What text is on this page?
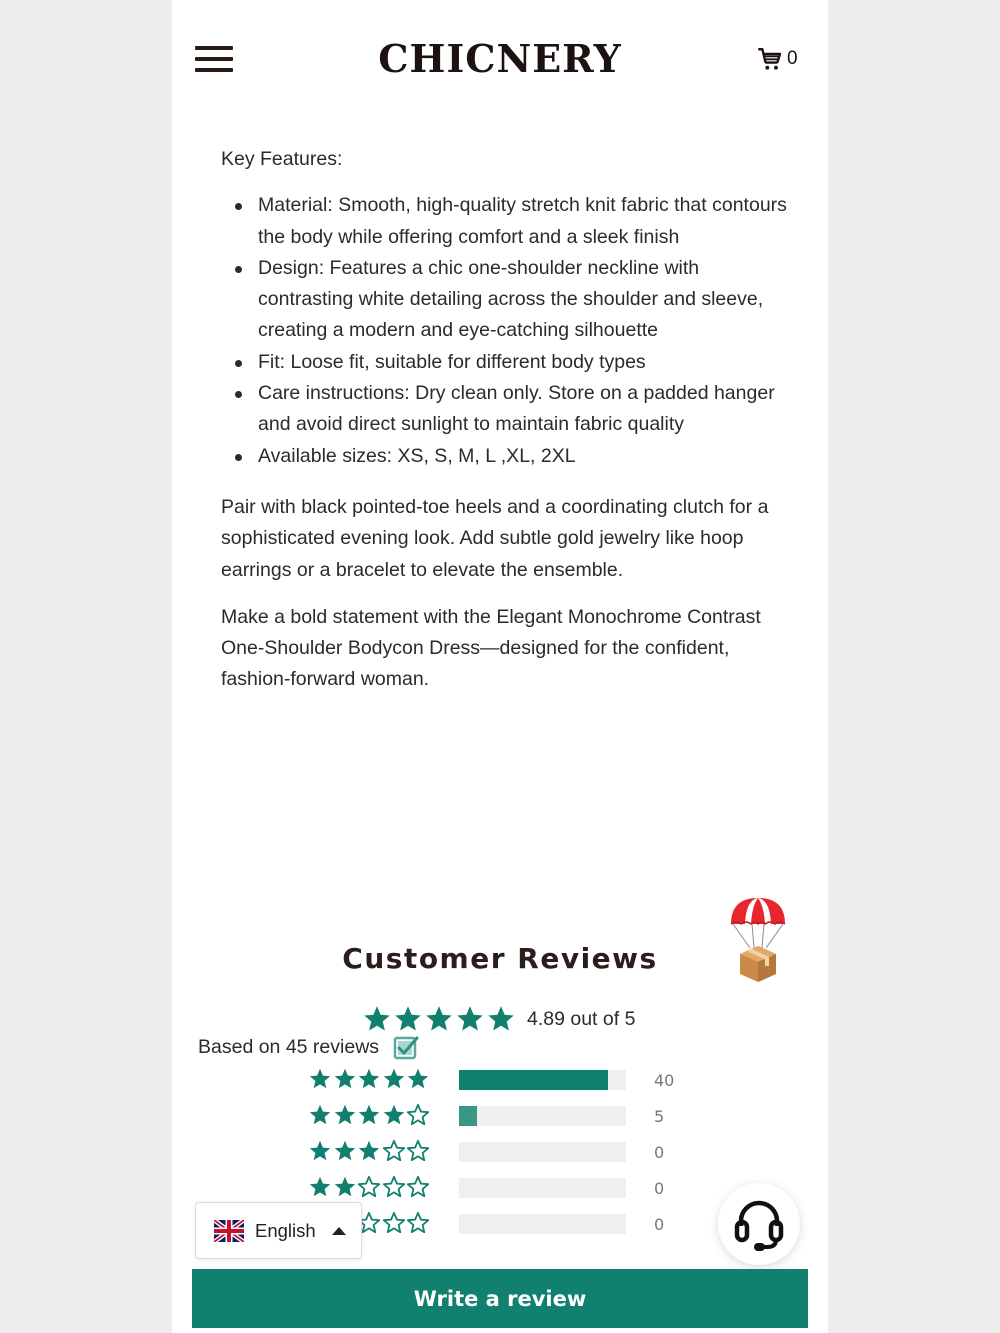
CHICNERY	0
Key Features:
Material: Smooth, high-quality stretch knit fabric that contours the body while offering comfort and a sleek finish
Design: Features a chic one-shoulder neckline with contrasting white detailing across the shoulder and sleeve, creating a modern and eye-catching silhouette
Fit: Loose fit, suitable for different body types
Care instructions: Dry clean only. Store on a padded hanger and avoid direct sunlight to maintain fabric quality
Available sizes: XS, S, M, L ,XL, 2XL

Pair with black pointed-toe heels and a coordinating clutch for a sophisticated evening look. Add subtle gold jewelry like hoop earrings or a bracelet to elevate the ensemble.

Make a bold statement with the Elegant Monochrome Contrast One-Shoulder Bodycon Dress—designed for the confident, fashion-forward woman.

Customer Reviews
4.89 out of 5
Based on 45 reviews
40
5
0
0
0
English
Write a review
